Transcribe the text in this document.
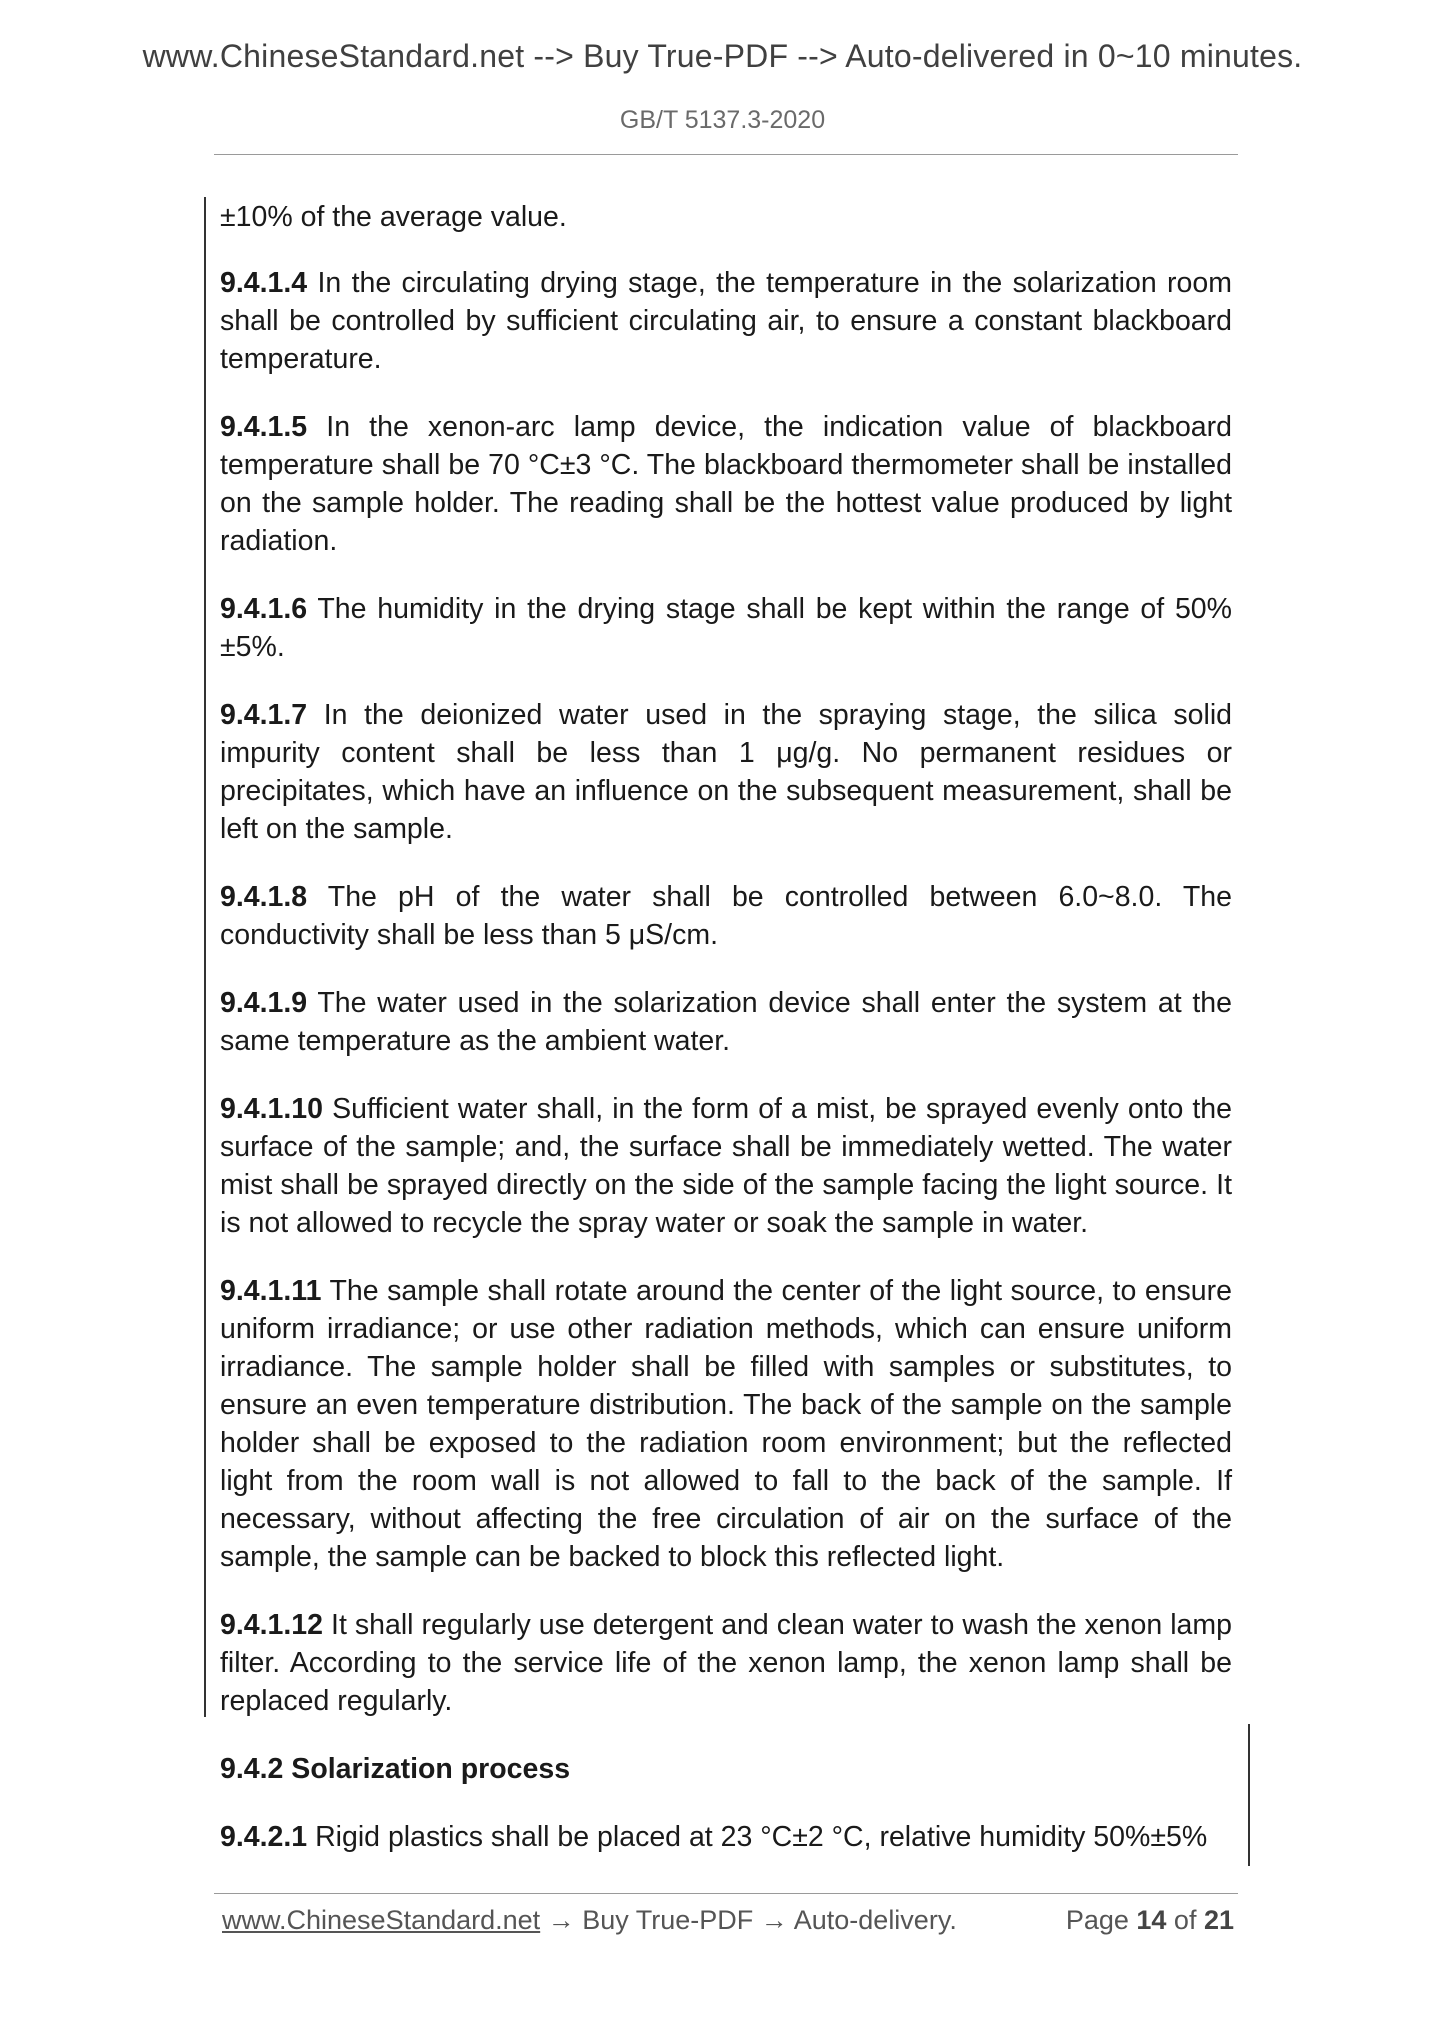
www.ChineseStandard.net --> Buy True-PDF --> Auto-delivered in 0~10 minutes.
GB/T 5137.3-2020

±10% of the average value.

9.4.1.4 In the circulating drying stage, the temperature in the solarization room shall be controlled by sufficient circulating air, to ensure a constant blackboard temperature.

9.4.1.5 In the xenon-arc lamp device, the indication value of blackboard temperature shall be 70 °C±3 °C. The blackboard thermometer shall be installed on the sample holder. The reading shall be the hottest value produced by light radiation.

9.4.1.6 The humidity in the drying stage shall be kept within the range of 50%±5%.

9.4.1.7 In the deionized water used in the spraying stage, the silica solid impurity content shall be less than 1 μg/g. No permanent residues or precipitates, which have an influence on the subsequent measurement, shall be left on the sample.

9.4.1.8 The pH of the water shall be controlled between 6.0~8.0. The conductivity shall be less than 5 μS/cm.

9.4.1.9 The water used in the solarization device shall enter the system at the same temperature as the ambient water.

9.4.1.10 Sufficient water shall, in the form of a mist, be sprayed evenly onto the surface of the sample; and, the surface shall be immediately wetted. The water mist shall be sprayed directly on the side of the sample facing the light source. It is not allowed to recycle the spray water or soak the sample in water.

9.4.1.11 The sample shall rotate around the center of the light source, to ensure uniform irradiance; or use other radiation methods, which can ensure uniform irradiance. The sample holder shall be filled with samples or substitutes, to ensure an even temperature distribution. The back of the sample on the sample holder shall be exposed to the radiation room environment; but the reflected light from the room wall is not allowed to fall to the back of the sample. If necessary, without affecting the free circulation of air on the surface of the sample, the sample can be backed to block this reflected light.

9.4.1.12 It shall regularly use detergent and clean water to wash the xenon lamp filter. According to the service life of the xenon lamp, the xenon lamp shall be replaced regularly.

9.4.2 Solarization process

9.4.2.1 Rigid plastics shall be placed at 23 °C±2 °C, relative humidity 50%±5%

www.ChineseStandard.net → Buy True-PDF → Auto-delivery.	Page 14 of 21
